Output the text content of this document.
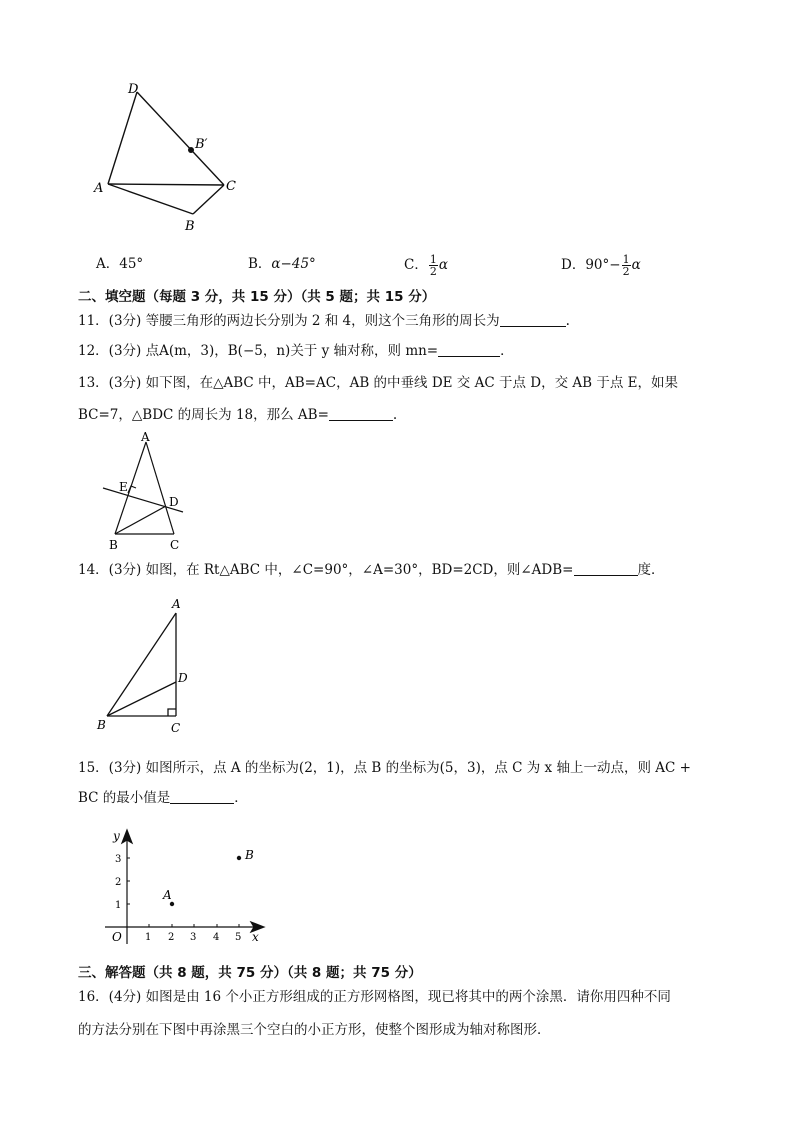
D
B′
A	C
B
A．45°	B．α−45°	C． $\frac{1}{2}$ α	D．$90^\circ- \frac{1}{2}$ α
二、填空题（每题 3 分，共 15 分）（共 5 题；共 15 分）
11．(3分) 等腰三角形的两边长分别为 2 和 4，则这个三角形的周长为	.
12．(3分) 点A(m，3)，B(−5，n)关于 y 轴对称，则 mn=	．
13．(3分) 如下图，在△ABC 中，AB=AC，AB 的中垂线 DE 交 AC 于点 D，交 AB 于点 E，如果
BC=7，△BDC 的周长为 18，那么 AB=	.
A
E
D
B	C
14．(3分) 如图，在 Rt△ABC 中，∠C=90°，∠A=30°，BD=2CD，则∠ADB=	度．
A
D
B	C
15．(3分) 如图所示，点 A 的坐标为(2，1)，点 B 的坐标为(5，3)，点 C 为 x 轴上一动点，则 AC +
BC 的最小值是	．
y
x
O 1 2 3 4 5
1
2
3
A
B
三、解答题（共 8 题，共 75 分）（共 8 题；共 75 分）
16．(4分) 如图是由 16 个小正方形组成的正方形网格图，现已将其中的两个涂黑．请你用四种不同
的方法分别在下图中再涂黑三个空白的小正方形，使整个图形成为轴对称图形．
